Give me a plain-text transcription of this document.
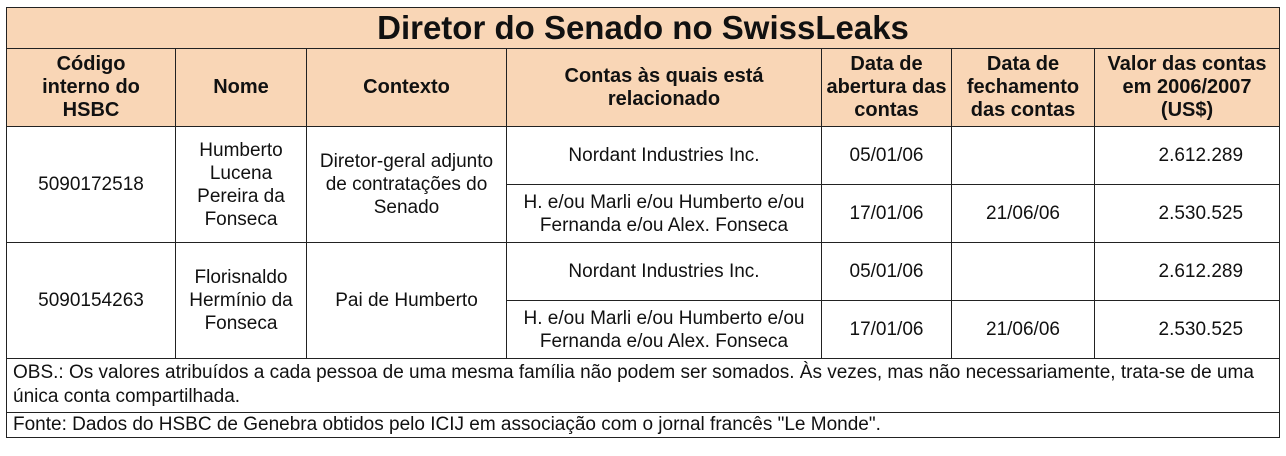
Diretor do Senado no SwissLeaks						
Código interno do HSBC	Nome	Contexto	Contas às quais está relacionado	Data de abertura das contas	Data de fechamento das contas	Valor das contas em 2006/2007 (US$)
5090172518	Humberto Lucena Pereira da Fonseca	Diretor-geral adjunto de contratações do Senado	Nordant Industries Inc.	05/01/06		2.612.289
			H. e/ou Marli e/ou Humberto e/ou Fernanda e/ou Alex. Fonseca	17/01/06	21/06/06	2.530.525
5090154263	Florisnaldo Hermínio da Fonseca	Pai de Humberto	Nordant Industries Inc.	05/01/06		2.612.289
			H. e/ou Marli e/ou Humberto e/ou Fernanda e/ou Alex. Fonseca	17/01/06	21/06/06	2.530.525
OBS.: Os valores atribuídos a cada pessoa de uma mesma família não podem ser somados. Às vezes, mas não necessariamente, trata-se de uma única conta compartilhada.						
Fonte: Dados do HSBC de Genebra obtidos pelo ICIJ em associação com o jornal francês "Le Monde".						
